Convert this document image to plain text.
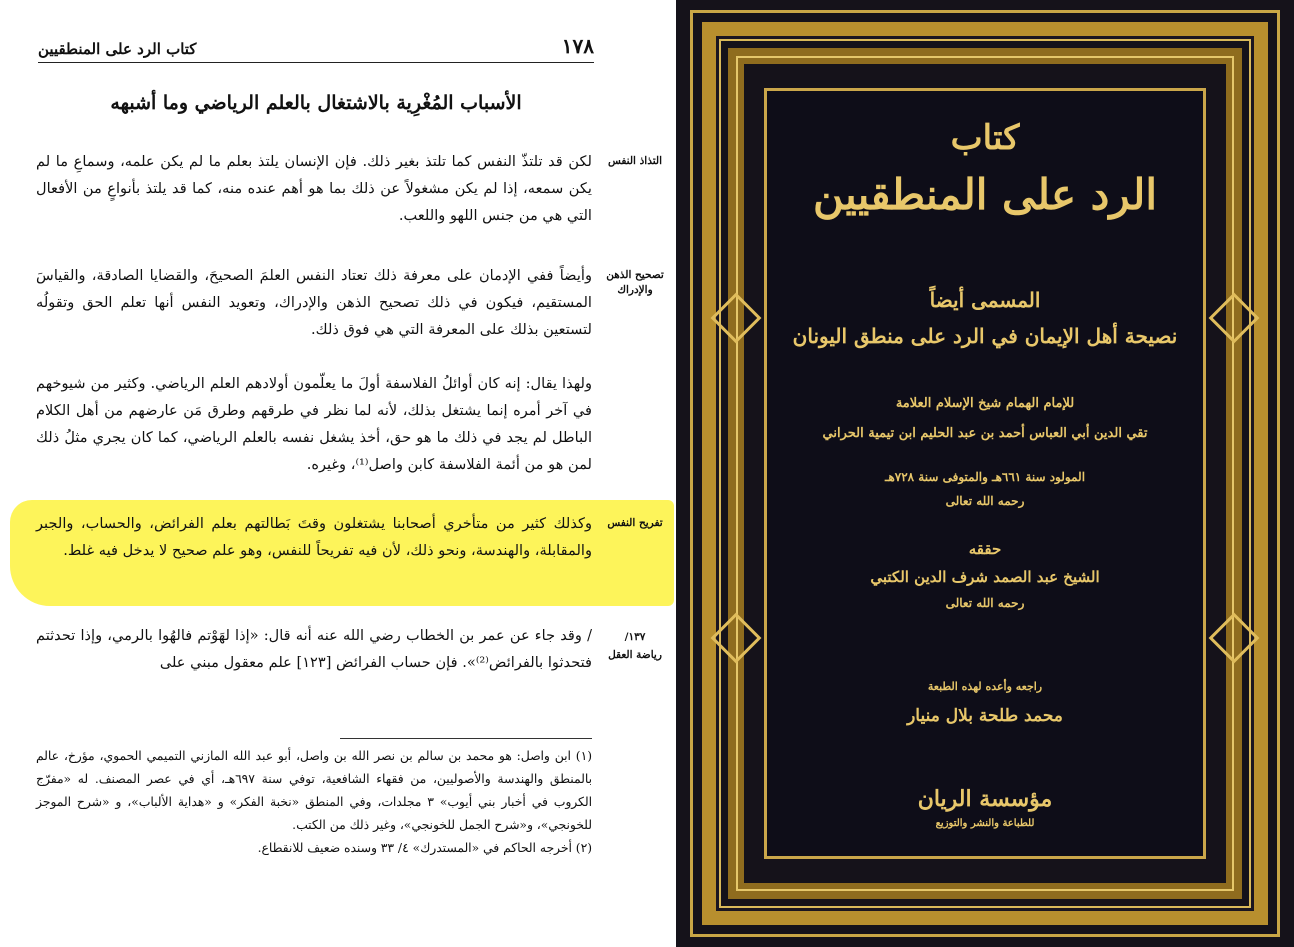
١٧٨
كتاب الرد على المنطقيين
الأسباب المُغْرِية بالاشتغال بالعلم الرياضي وما أشبهه
لكن قد تلتذّ النفس كما تلتذ بغير ذلك. فإن الإنسان يلتذ بعلم ما لم يكن علمه، وسماعِ ما لم يكن سمعه، إذا لم يكن مشغولاً عن ذلك بما هو أهم عنده منه، كما قد يلتذ بأنواعٍ من الأفعال التي هي من جنس اللهو واللعب.
وأيضاً ففي الإدمان على معرفة ذلك تعتاد النفس العلمَ الصحيحَ، والقضايا الصادقة، والقياسَ المستقيم، فيكون في ذلك تصحيح الذهن والإدراك، وتعويد النفس أنها تعلم الحق وتقولُه لتستعين بذلك على المعرفة التي هي فوق ذلك.
ولهذا يقال: إنه كان أوائلُ الفلاسفة أولَ ما يعلّمون أولادهم العلم الرياضي. وكثير من شيوخهم في آخر أمره إنما يشتغل بذلك، لأنه لما نظر في طرقهم وطرق مَن عارضهم من أهل الكلام الباطل لم يجد في ذلك ما هو حق، أخذ يشغل نفسه بالعلم الرياضي، كما كان يجري مثلُ ذلك لمن هو من أئمة الفلاسفة كابن واصل⁽¹⁾، وغيره.
وكذلك كثير من متأخري أصحابنا يشتغلون وقتَ بَطالتهم بعلم الفرائض، والحساب، والجبر والمقابلة، والهندسة، ونحو ذلك، لأن فيه تفريحاً للنفس، وهو علم صحيح لا يدخل فيه غلط.
/ وقد جاء عن عمر بن الخطاب رضي الله عنه أنه قال: «إذا لهَوْتم فالهُوا بالرمي، وإذا تحدثتم فتحدثوا بالفرائض⁽²⁾». فإن حساب الفرائض [١٢٣] علم معقول مبني على
التذاذ النفس
تصحيح الذهن والإدراك
تفريح النفس
١٣٧/
رياضة العقل

(١) ابن واصل: هو محمد بن سالم بن نصر الله بن واصل، أبو عبد الله المازني التميمي الحموي، مؤرخ، عالم بالمنطق والهندسة والأصوليين، من فقهاء الشافعية، توفي سنة ٦٩٧هـ، أي في عصر المصنف. له «مفرّج الكروب في أخبار بني أيوب» ٣ مجلدات، وفي المنطق «نخبة الفكر» و «هداية الألباب»، و «شرح الموجز للخونجي»، و«شرح الجمل للخونجي»، وغير ذلك من الكتب.

(٢) أخرجه الحاكم في «المستدرك» ٤/ ٣٣ وسنده ضعيف للانقطاع.

كتاب
الرد على المنطقيين
المسمى أيضاً
نصيحة أهل الإيمان في الرد على منطق اليونان
للإمام الهمام شيخ الإسلام العلامة
تقي الدين أبي العباس أحمد بن عبد الحليم ابن تيمية الحراني
المولود سنة ٦٦١هـ والمتوفى سنة ٧٢٨هـ
رحمه الله تعالى
حققه
الشيخ عبد الصمد شرف الدين الكتبي
رحمه الله تعالى
راجعه وأعده لهذه الطبعة
محمد طلحة بلال منيار
مؤسسة الريان
للطباعة والنشر والتوزيع
